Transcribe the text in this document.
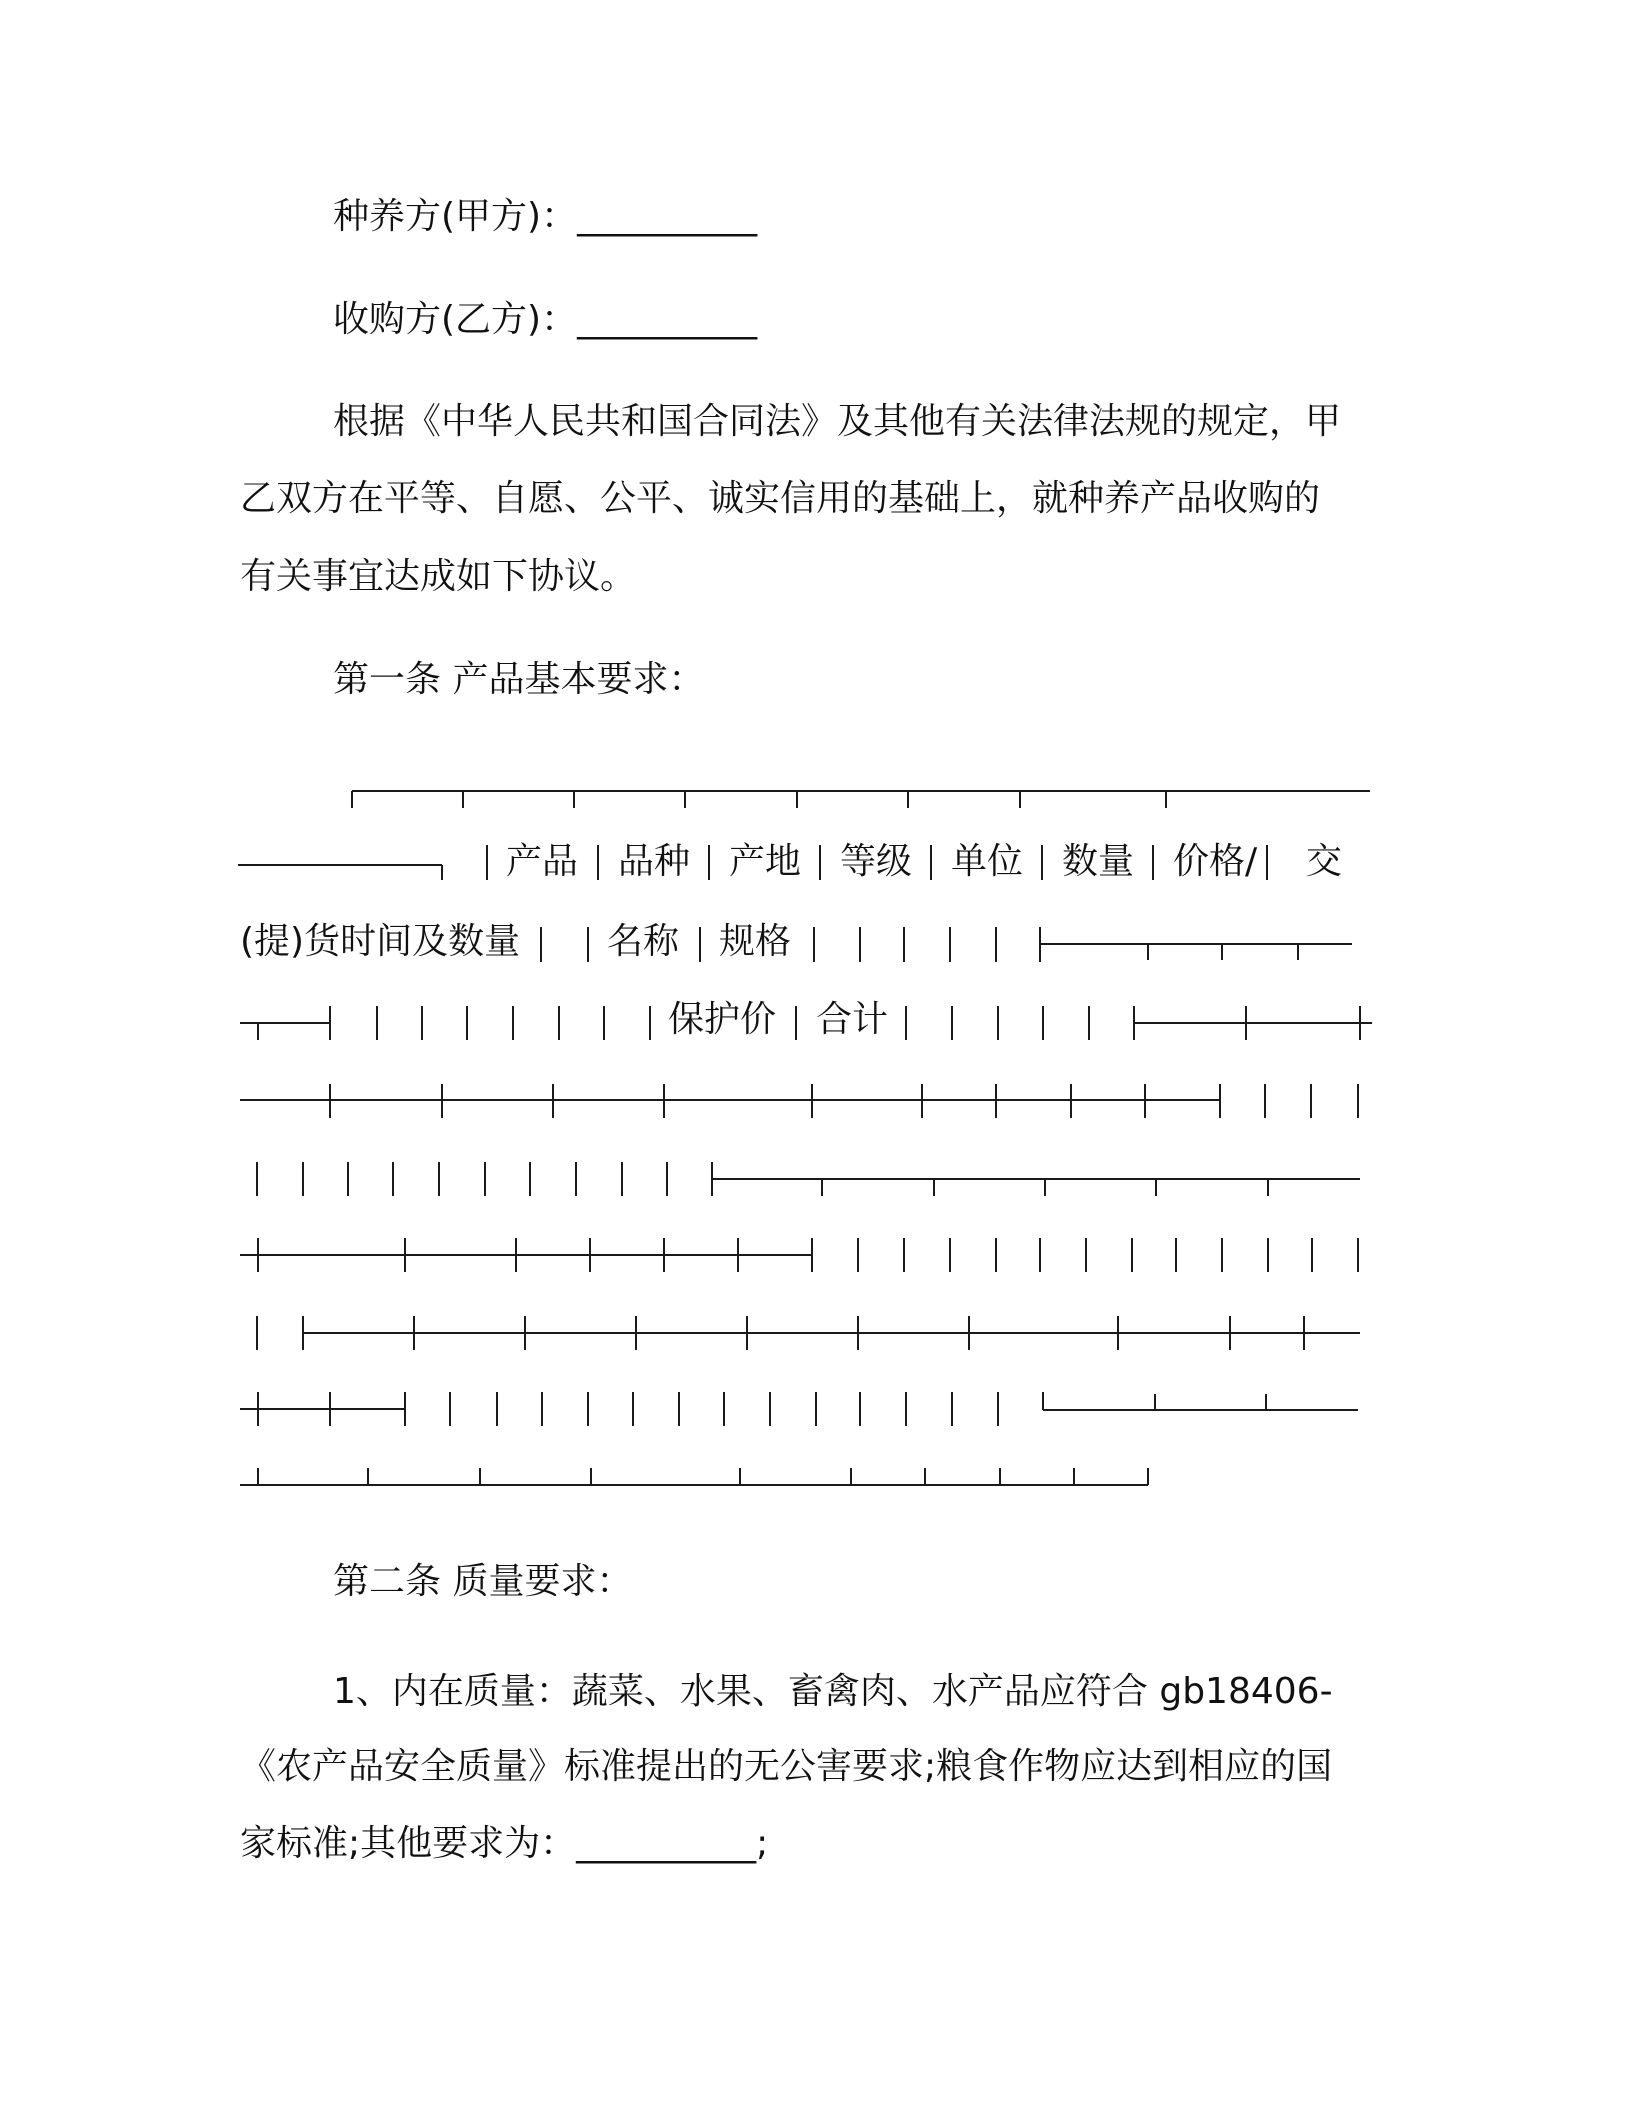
种养方(甲方)：__________
收购方(乙方)：__________
根据《中华人民共和国合同法》及其他有关法律法规的规定，甲
乙双方在平等、自愿、公平、诚实信用的基础上，就种养产品收购的
有关事宜达成如下协议。
第一条 产品基本要求：
产品 品种 产地 等级 单位 数量 价格/ 交
(提)货时间及数量 名称 规格
保护价 合计
第二条 质量要求：
1、内在质量：蔬菜、水果、畜禽肉、水产品应符合 gb18406-
《农产品安全质量》标准提出的无公害要求;粮食作物应达到相应的国
家标准;其他要求为：__________;
